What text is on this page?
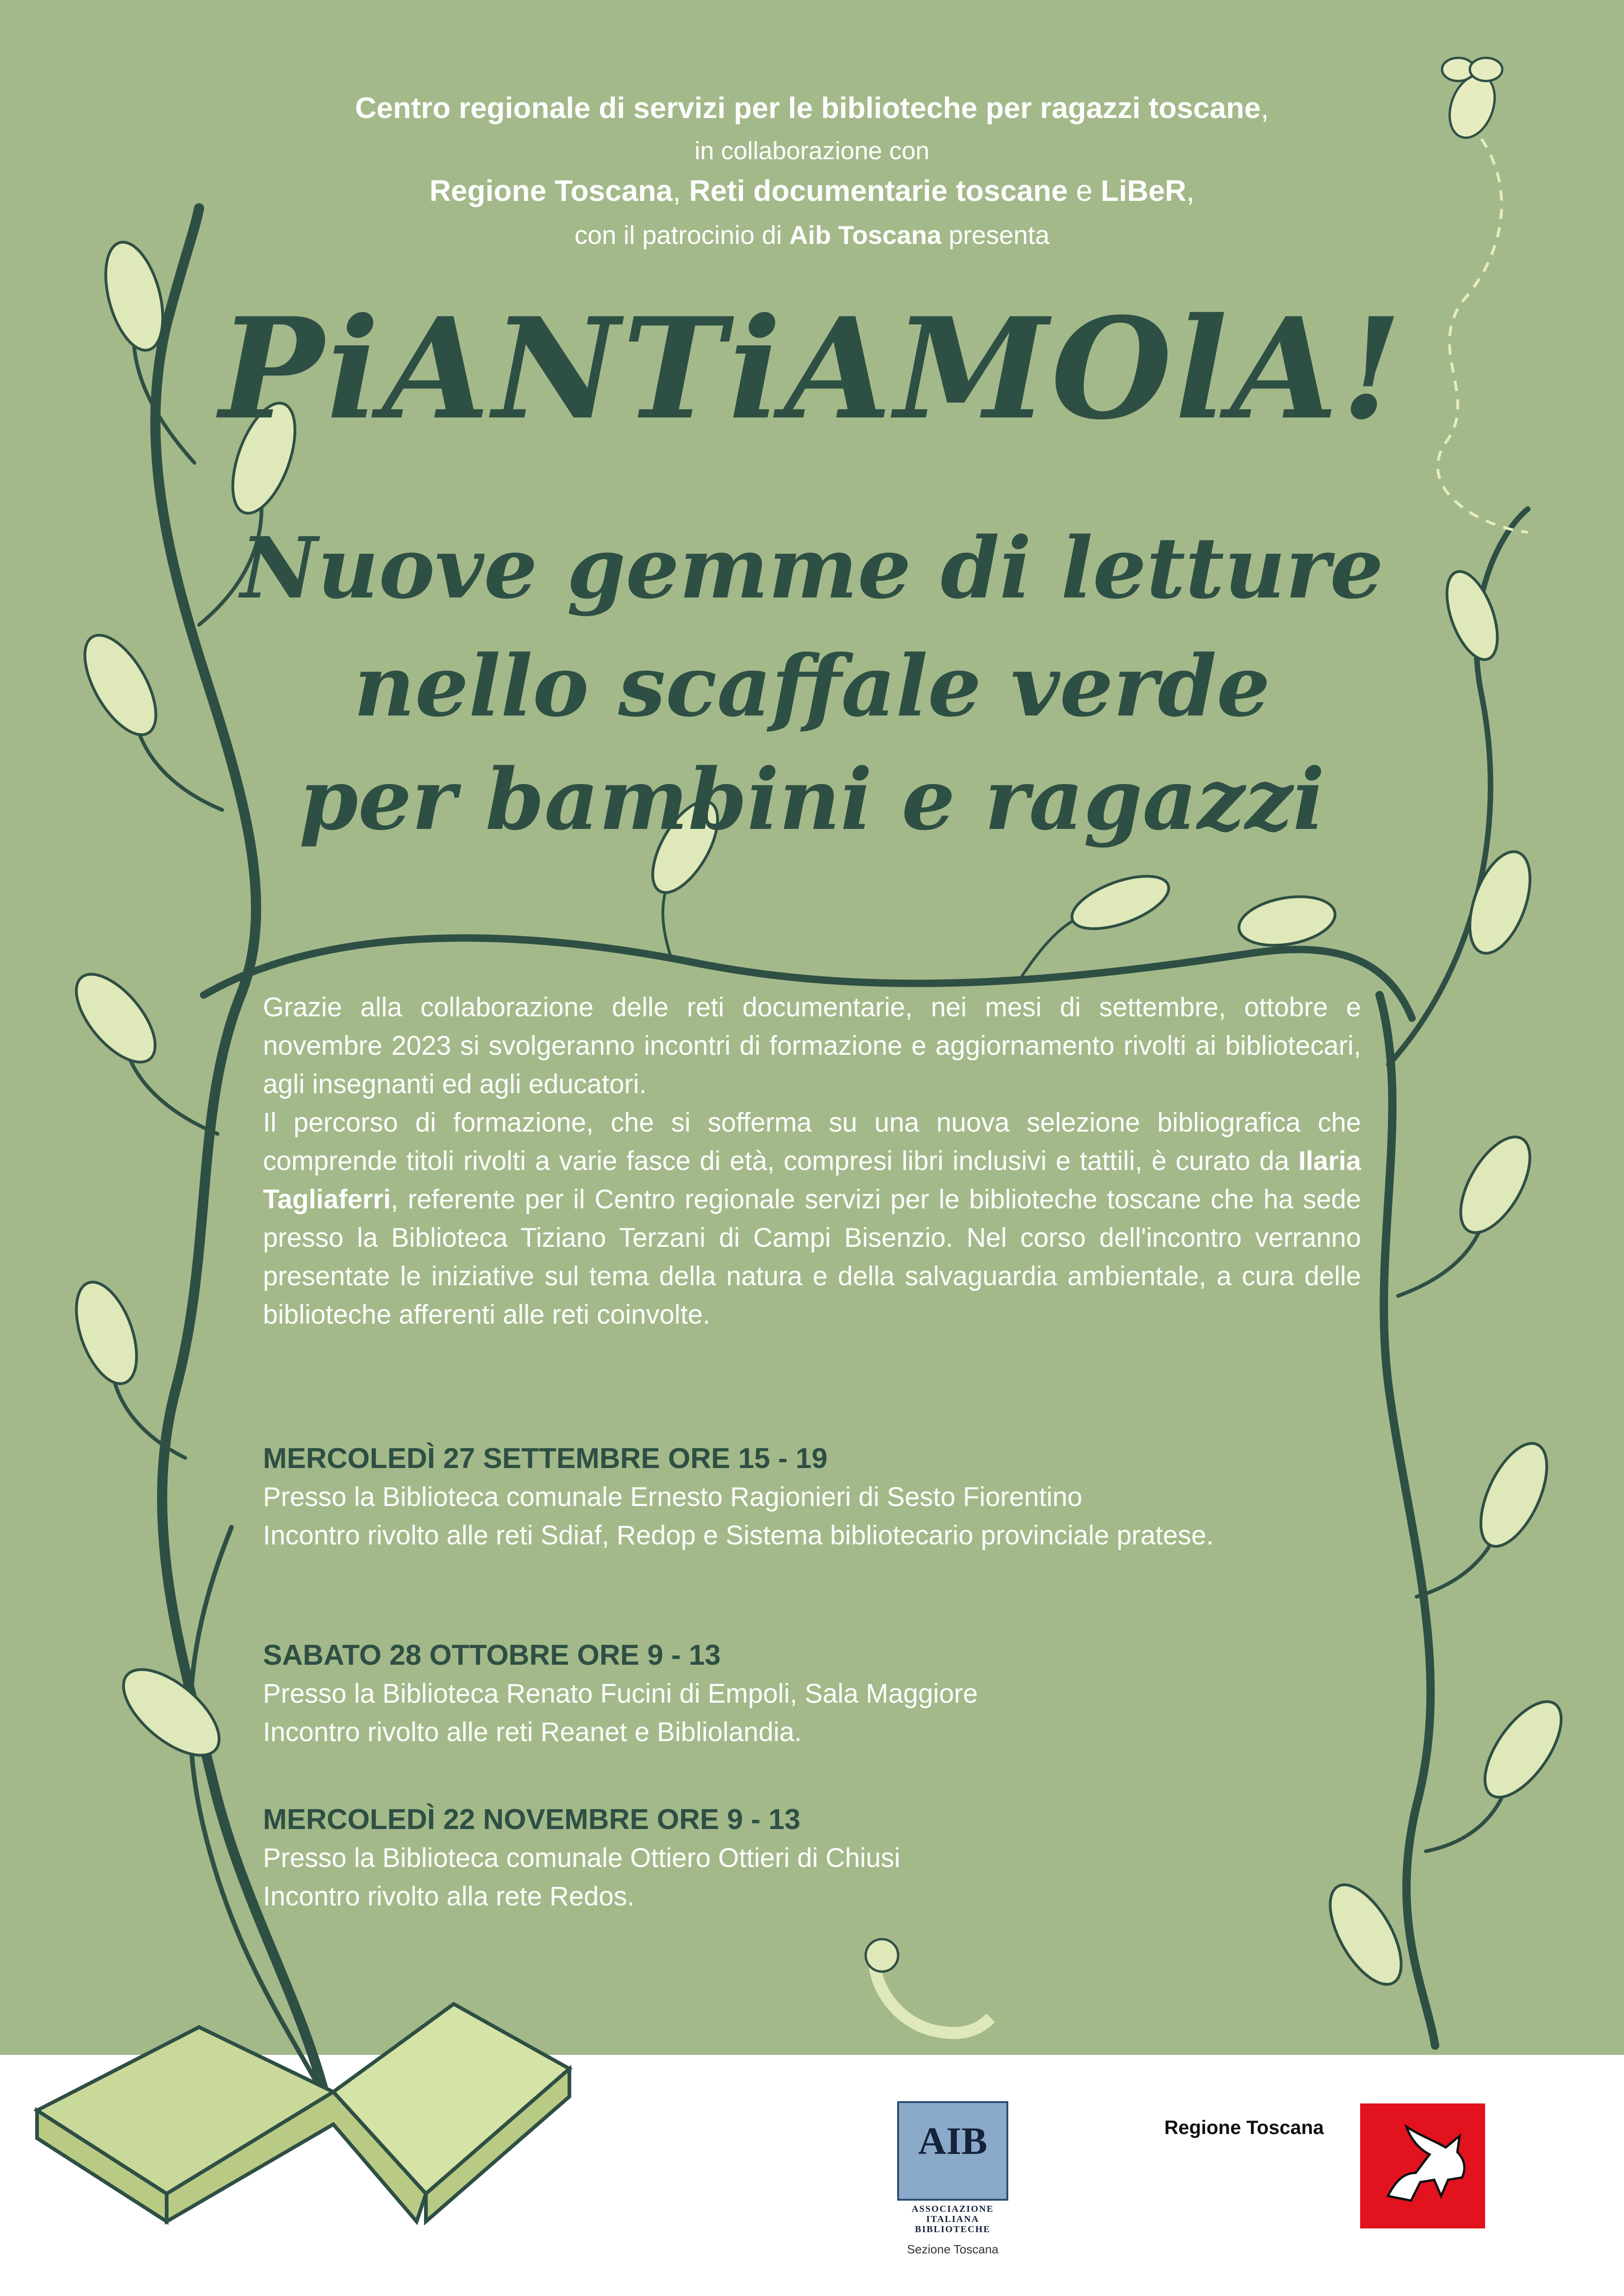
Centro regionale di servizi per le biblioteche per ragazzi toscane,
in collaborazione con
Regione Toscana, Reti documentarie toscane e LiBeR,
con il patrocinio di Aib Toscana presenta
PiANTiAMOlA!
Nuove gemme di letture
nello scaffale verde
per bambini e ragazzi

Grazie alla collaborazione delle reti documentarie, nei mesi di settembre, ottobre e novembre 2023 si svolgeranno incontri di formazione e aggiornamento rivolti ai bibliotecari, agli insegnanti ed agli educatori.

Il percorso di formazione, che si sofferma su una nuova selezione bibliografica che comprende titoli rivolti a varie fasce di età, compresi libri inclusivi e tattili, è curato da Ilaria Tagliaferri, referente per il Centro regionale servizi per le biblioteche toscane che ha sede presso la Biblioteca Tiziano Terzani di Campi Bisenzio. Nel corso dell'incontro verranno presentate le iniziative sul tema della natura e della salvaguardia ambientale, a cura delle biblioteche afferenti alle reti coinvolte.

MERCOLEDÌ 27 SETTEMBRE ORE 15 - 19
Presso la Biblioteca comunale Ernesto Ragionieri di Sesto Fiorentino
Incontro rivolto alle reti Sdiaf, Redop e Sistema bibliotecario provinciale pratese.
SABATO 28 OTTOBRE ORE 9 - 13
Presso la Biblioteca Renato Fucini di Empoli, Sala Maggiore
Incontro rivolto alle reti Reanet e Bibliolandia.
MERCOLEDÌ 22 NOVEMBRE ORE 9 - 13
Presso la Biblioteca comunale Ottiero Ottieri di Chiusi
Incontro rivolto alla rete Redos.
AIB
ASSOCIAZIONE
ITALIANA
BIBLIOTECHE
Sezione Toscana
Regione Toscana
